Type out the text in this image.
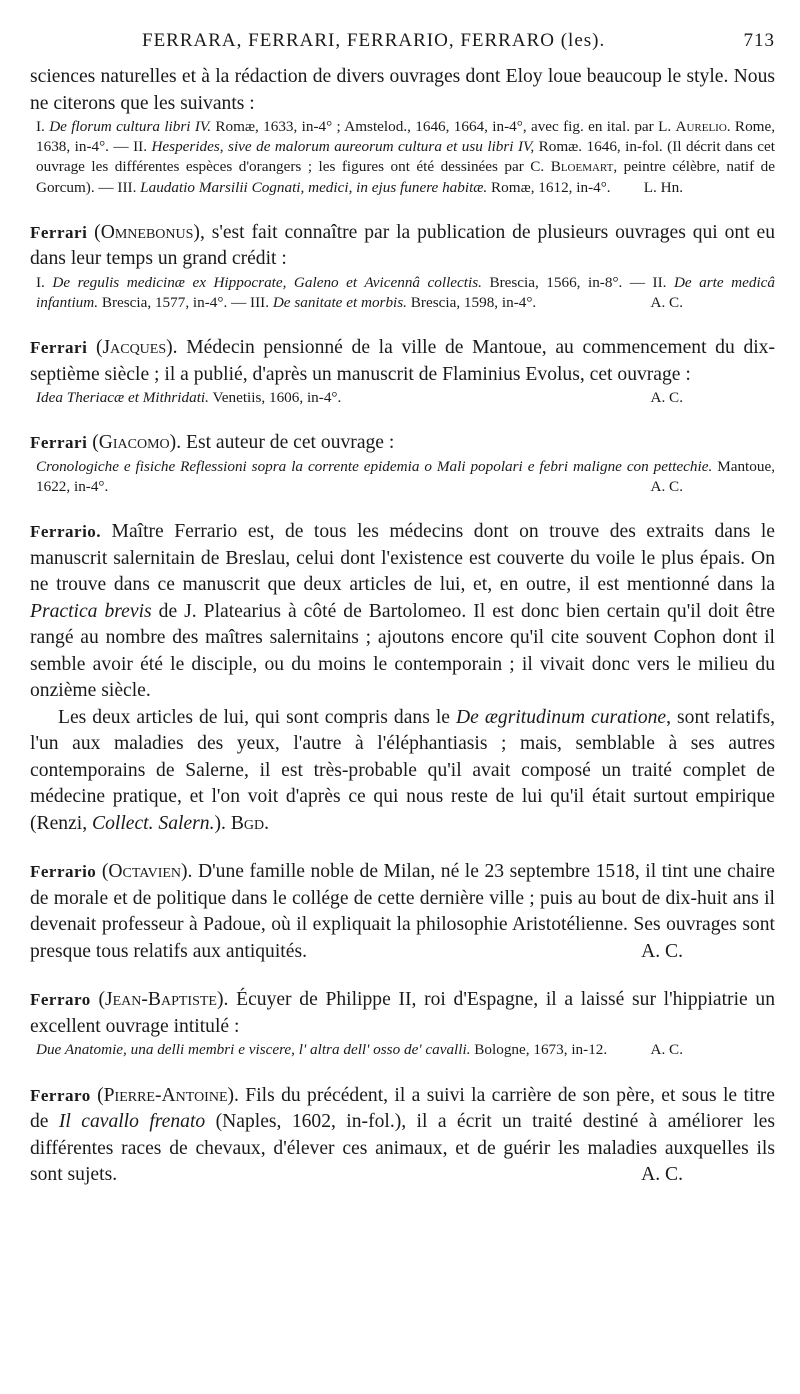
FERRARA, FERRARI, FERRARIO, FERRARO (les).	713

sciences naturelles et à la rédaction de divers ouvrages dont Eloy loue beaucoup le style. Nous ne citerons que les suivants :

I. De florum cultura libri IV. Romæ, 1633, in-4° ; Amstelod., 1646, 1664, in-4°, avec fig. en ital. par L. Aurelio. Rome, 1638, in-4°. — II. Hesperides, sive de malorum aureorum cultura et usu libri IV, Romæ. 1646, in-fol. (Il décrit dans cet ouvrage les différentes espèces d'orangers ; les figures ont été dessinées par C. Bloemart, peintre célèbre, natif de Gorcum). — III. Laudatio Marsilii Cognati, medici, in ejus funere habitæ. Romæ, 1612, in-4°. L. Hn.

Ferrari (Omnebonus), s'est fait connaître par la publication de plusieurs ouvrages qui ont eu dans leur temps un grand crédit :

I. De regulis medicinæ ex Hippocrate, Galeno et Avicennâ collectis. Brescia, 1566, in-8°. — II. De arte medicâ infantium. Brescia, 1577, in-4°. — III. De sanitate et morbis. Brescia, 1598, in-4°.	A. C.

Ferrari (Jacques). Médecin pensionné de la ville de Mantoue, au commencement du dix-septième siècle ; il a publié, d'après un manuscrit de Flaminius Evolus, cet ouvrage :

Idea Theriacæ et Mithridati. Venetiis, 1606, in-4°.	A. C.

Ferrari (Giacomo). Est auteur de cet ouvrage :

Cronologiche e fisiche Reflessioni sopra la corrente epidemia o Mali popolari e febri maligne con pettechie. Mantoue, 1622, in-4°.	A. C.

Ferrario. Maître Ferrario est, de tous les médecins dont on trouve des extraits dans le manuscrit salernitain de Breslau, celui dont l'existence est couverte du voile le plus épais. On ne trouve dans ce manuscrit que deux articles de lui, et, en outre, il est mentionné dans la Practica brevis de J. Platearius à côté de Bartolomeo. Il est donc bien certain qu'il doit être rangé au nombre des maîtres salernitains ; ajoutons encore qu'il cite souvent Cophon dont il semble avoir été le disciple, ou du moins le contemporain ; il vivait donc vers le milieu du onzième siècle.

Les deux articles de lui, qui sont compris dans le De ægritudinum curatione, sont relatifs, l'un aux maladies des yeux, l'autre à l'éléphantiasis ; mais, semblable à ses autres contemporains de Salerne, il est très-probable qu'il avait composé un traité complet de médecine pratique, et l'on voit d'après ce qui nous reste de lui qu'il était surtout empirique (Renzi, Collect. Salern.). Bgd.

Ferrario (Octavien). D'une famille noble de Milan, né le 23 septembre 1518, il tint une chaire de morale et de politique dans le collége de cette dernière ville ; puis au bout de dix-huit ans il devenait professeur à Padoue, où il expliquait la philosophie Aristotélienne. Ses ouvrages sont presque tous relatifs aux antiquités.	A. C.

Ferraro (Jean-Baptiste). Écuyer de Philippe II, roi d'Espagne, il a laissé sur l'hippiatrie un excellent ouvrage intitulé :

Due Anatomie, una delli membri e viscere, l' altra dell' osso de' cavalli. Bologne, 1673, in-12.	A. C.

Ferraro (Pierre-Antoine). Fils du précédent, il a suivi la carrière de son père, et sous le titre de Il cavallo frenato (Naples, 1602, in-fol.), il a écrit un traité destiné à améliorer les différentes races de chevaux, d'élever ces animaux, et de guérir les maladies auxquelles ils sont sujets.	A. C.
